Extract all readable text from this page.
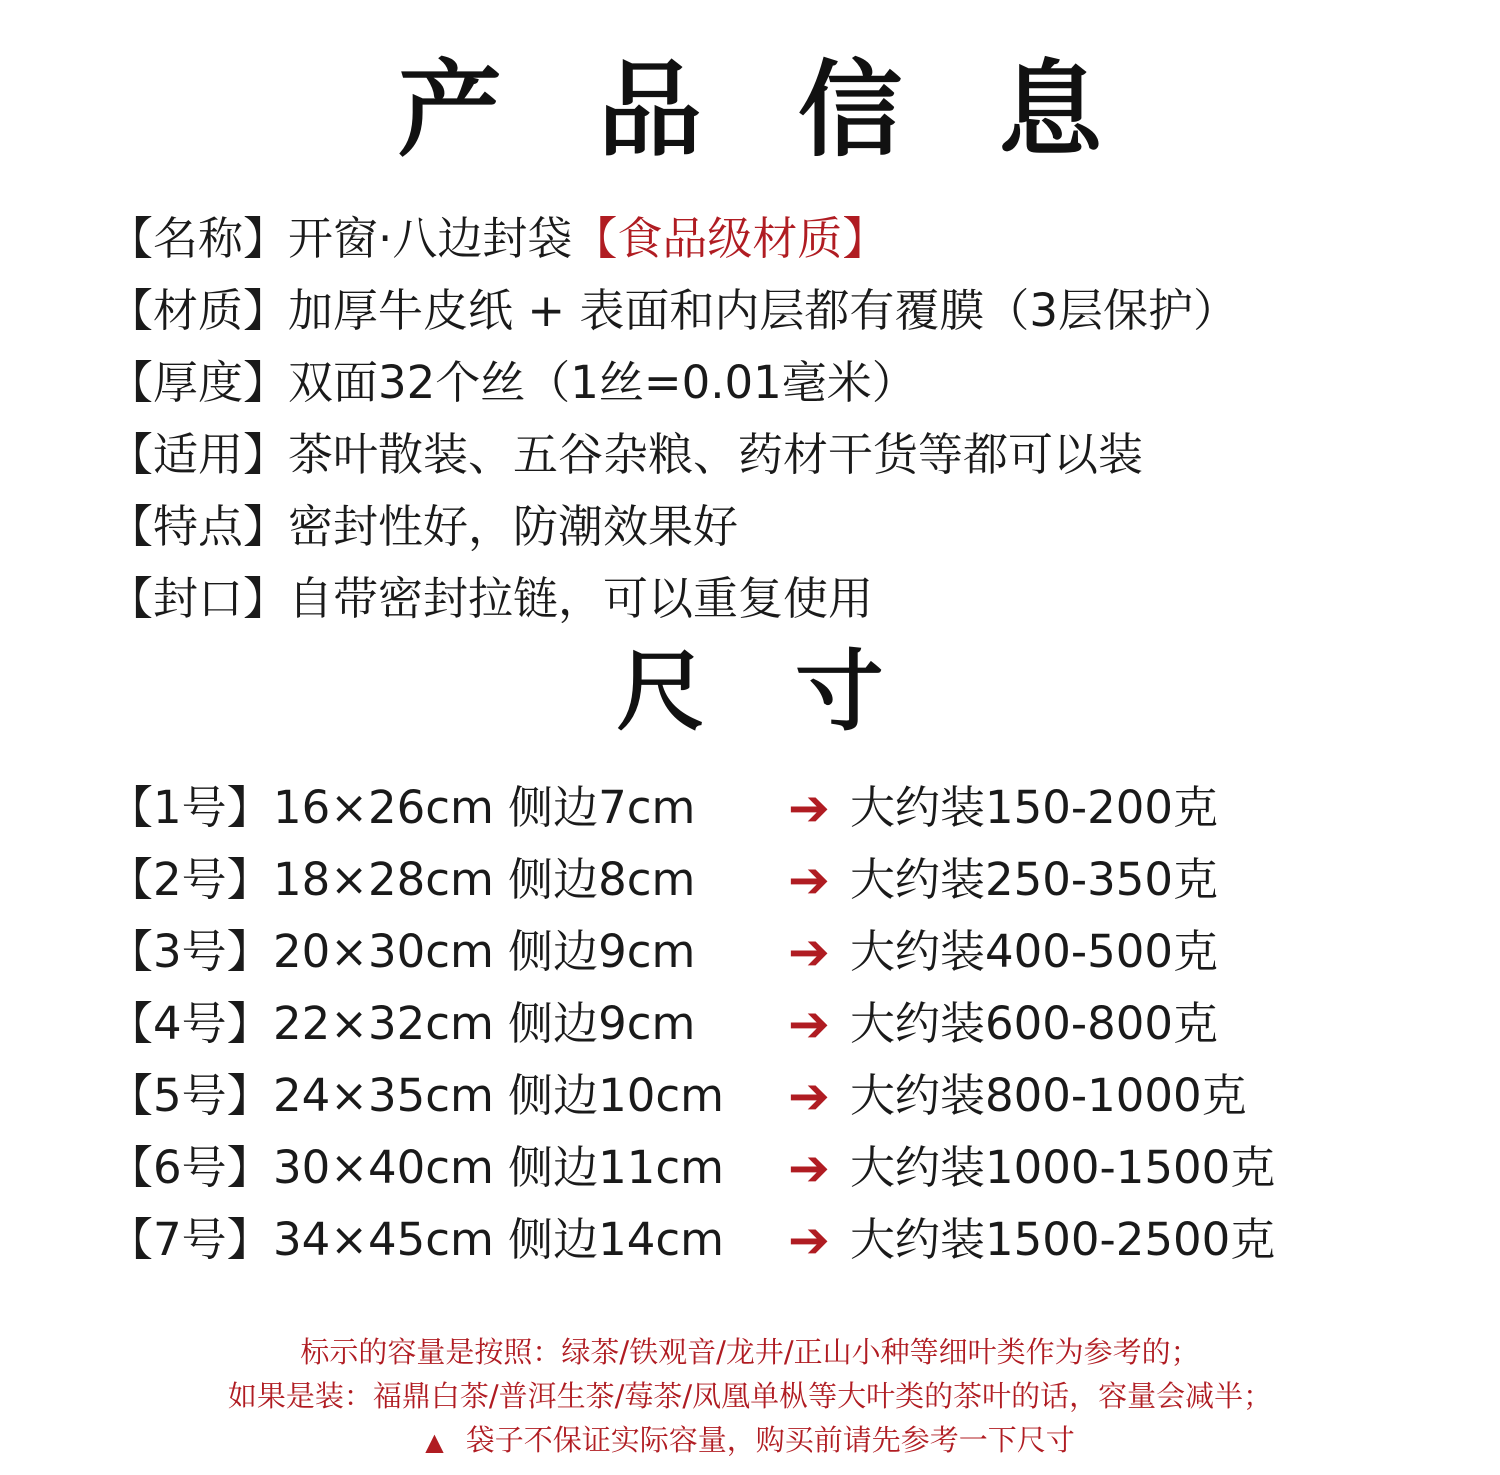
产 品 信 息
【名称】开窗·八边封袋【食品级材质】
【材质】加厚牛皮纸 + 表面和内层都有覆膜（3层保护）
【厚度】双面32个丝（1丝=0.01毫米）
【适用】茶叶散装、五谷杂粮、药材干货等都可以装
【特点】密封性好，防潮效果好
【封口】自带密封拉链，可以重复使用
尺 寸
【1号】 16×26cm 侧边7cm ➔ 大约装150-200克
【2号】 18×28cm 侧边8cm ➔ 大约装250-350克
【3号】 20×30cm 侧边9cm ➔ 大约装400-500克
【4号】 22×32cm 侧边9cm ➔ 大约装600-800克
【5号】 24×35cm 侧边10cm ➔ 大约装800-1000克
【6号】 30×40cm 侧边11cm ➔ 大约装1000-1500克
【7号】 34×45cm 侧边14cm ➔ 大约装1500-2500克
标示的容量是按照：绿茶/铁观音/龙井/正山小种等细叶类作为参考的；
如果是装：福鼎白茶/普洱生茶/莓茶/凤凰单枞等大叶类的茶叶的话，容量会减半；
▲ 袋子不保证实际容量，购买前请先参考一下尺寸
